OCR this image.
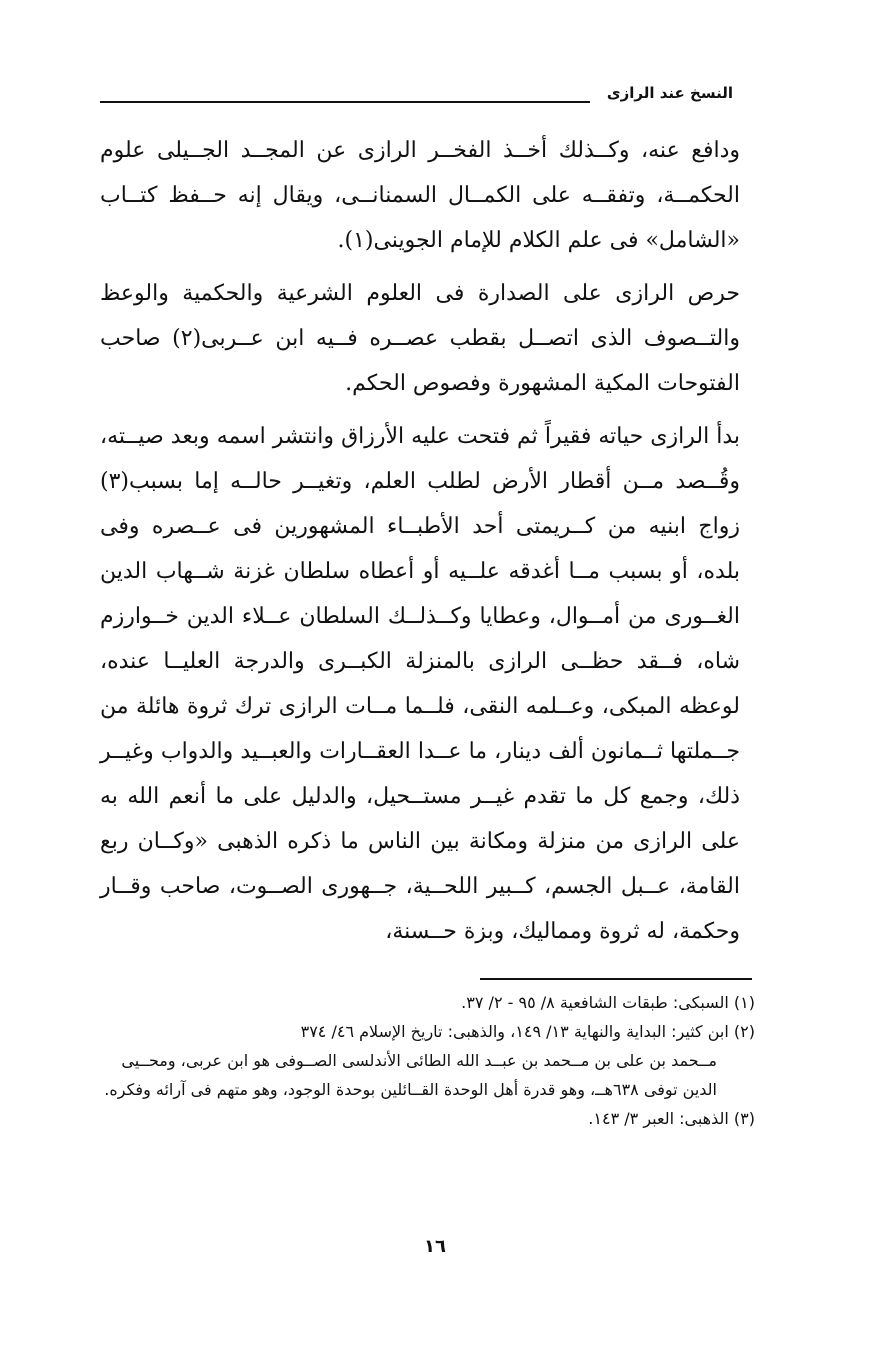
النسخ عند الرازى

ودافع عنه، وكــذلك أخــذ الفخــر الرازى عن المجــد الجــيلى علوم الحكمــة، وتفقــه على الكمــال السمنانــى، ويقال إنه حــفظ كتــاب «الشامل» فى علم الكلام للإمام الجوينى(١).

حرص الرازى على الصدارة فى العلوم الشرعية والحكمية والوعظ والتــصوف الذى اتصــل بقطب عصــره فــيه ابن عــربى(٢) صاحب الفتوحات المكية المشهورة وفصوص الحكم.

بدأ الرازى حياته فقيراً ثم فتحت عليه الأرزاق وانتشر اسمه وبعد صيــته، وقُــصد مــن أقطار الأرض لطلب العلم، وتغيــر حالــه إما بسبب(٣) زواج ابنيه من كــريمتى أحد الأطبــاء المشهورين فى عــصره وفى بلده، أو بسبب مــا أغدقه علــيه أو أعطاه سلطان غزنة شــهاب الدين الغــورى من أمــوال، وعطايا وكــذلــك السلطان عــلاء الدين خــوارزم شاه، فــقد حظــى الرازى بالمنزلة الكبــرى والدرجة العليــا عنده، لوعظه المبكى، وعــلمه النقى، فلــما مــات الرازى ترك ثروة هائلة من جــملتها ثــمانون ألف دينار، ما عــدا العقــارات والعبــيد والدواب وغيــر ذلك، وجمع كل ما تقدم غيــر مستــحيل، والدليل على ما أنعم الله به على الرازى من منزلة ومكانة بين الناس ما ذكره الذهبى «وكــان ربع القامة، عــبل الجسم، كــبير اللحــية، جــهورى الصــوت، صاحب وقــار وحكمة، له ثروة ومماليك، وبزة حــسنة،

(١) السبكى: طبقات الشافعية ٨/ ٩٥ - ٢/ ٣٧.

(٢) ابن كثير: البداية والنهاية ١٣/ ١٤٩، والذهبى: تاريخ الإسلام ٤٦/ ٣٧٤

مــحمد بن على بن مــحمد بن عبــد الله الطائى الأندلسى الصــوفى هو ابن عربى، ومحــيى الدين توفى ٦٣٨هــ، وهو قدرة أهل الوحدة القــائلين بوحدة الوجود، وهو متهم فى آرائه وفكره.

(٣) الذهبى: العبر ٣/ ١٤٣.

١٦
